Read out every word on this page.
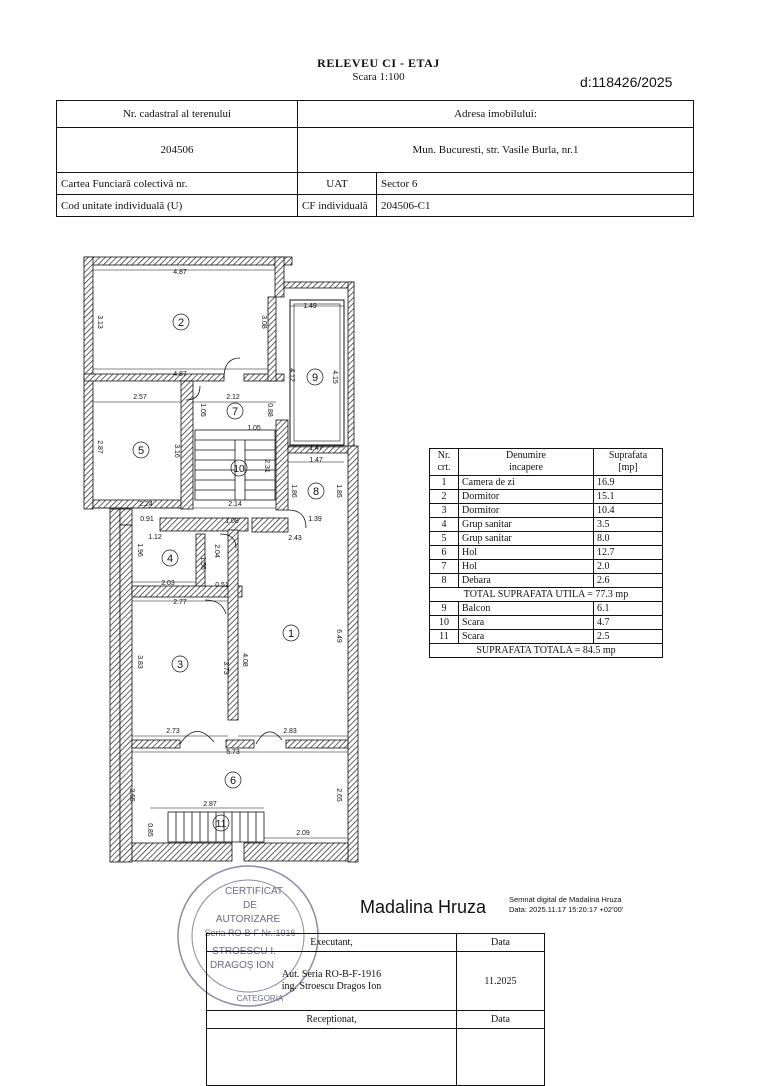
RELEVEU CI - ETAJ
Scara 1:100	d:118426/2025
Nr. cadastral al terenului	Adresa imobilului:	
204506	Mun. Bucuresti, str. Vasile Burla, nr.1	
Cartea Funciară colectivă nr.	UAT	Sector 6
Cod unitate individuală (U)	CF individuală	204506-C1
1
2
3
4
5
6
7
8
9
10
11
4.87
3.13	3.08
4.87
1.49
4.12	4.15
2.57	2.12
1.05	0.88
1.05
2.87	3.16	1.47
1.47
2.31
1.86	1.85
2.24	2.14
0.91	1.08	1.39
1.12	2.43
1.96	2.04
1.56
2.03	0.51
2.77
3.83	3.73
4.08
6.49
2.73	2.83
5.73
2.65	2.65
2.87
0.85	2.09
Nr.
crt.	Denumire
incapere	Suprafata
[mp]
1	Camera de zi	16.9
2	Dormitor	15.1
3	Dormitor	10.4
4	Grup sanitar	3.5
5	Grup sanitar	8.0
6	Hol	12.7
7	Hol	2.0
8	Debara	2.6
TOTAL SUPRAFATA UTILA = 77.3 mp		
9	Balcon	6.1
10	Scara	4.7
11	Scara	2.5
SUPRAFATA TOTALA = 84.5 mp		
CERTIFICAT
DE
AUTORIZARE
Seria RO-B-F Nr.:1916
STROESCU I.
DRAGOȘ ION
CATEGORIA
Madalina Hruza	Semnat digital de Madalina Hruza
Data: 2025.11.17 15:20:17 +02'00'
Executant,	Data
Aut. Seria RO-B-F-1916
ing. Stroescu Dragos Ion	11.2025
Receptionat,	Data
